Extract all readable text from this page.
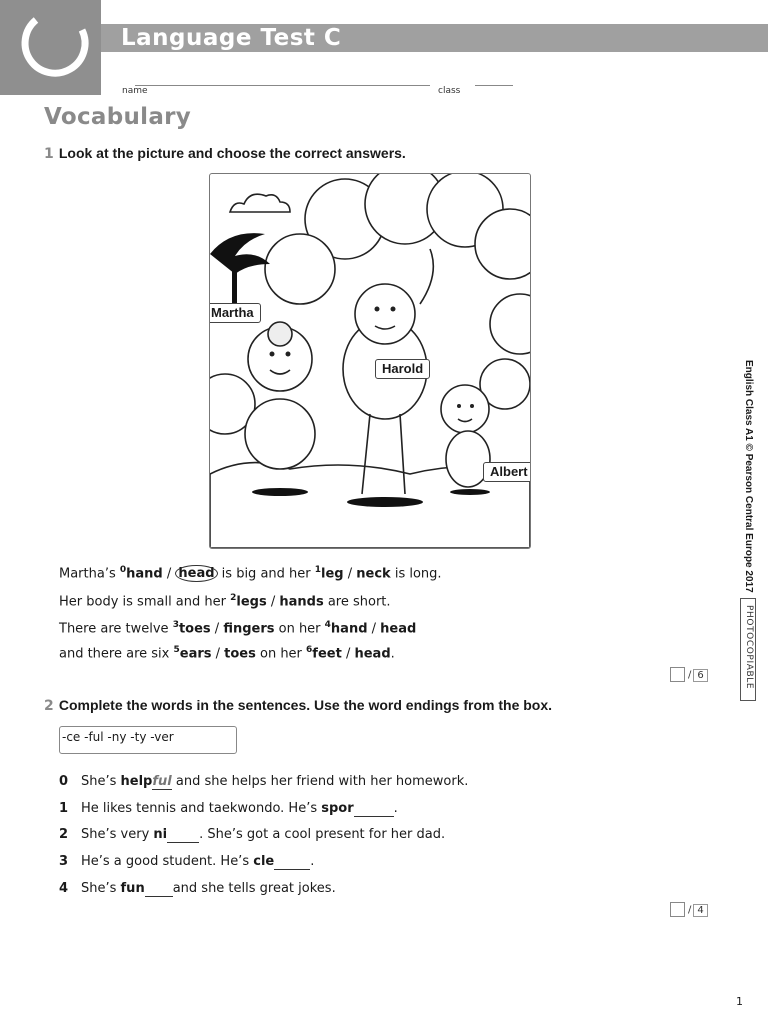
Language Test C
name	class
Vocabulary
1 Look at the picture and choose the correct answers.
Martha
Harold
Albert
Martha’s $^0$hand / head is big and her $^1$leg / neck is long.
Her body is small and her $^2$legs / hands are short.
There are twelve $^3$toes / fingers on her $^4$hand / head
and there are six $^5$ears / toes on her $^6$feet / head.
/ 6
2 Complete the words in the sentences. Use the word endings from the box.
-ce -ful -ny -ty -ver
0 She’s helpful and she helps her friend with her homework.
1 He likes tennis and taekwondo. He’s spor	.
2 She’s very ni . She’s got a cool present for her dad.
3 He’s a good student. He’s cle	.
4 She’s fun and she tells great jokes.
/ 4
English Class A1 © Pearson Central Europe 2017
PHOTOCOPIABLE
1
